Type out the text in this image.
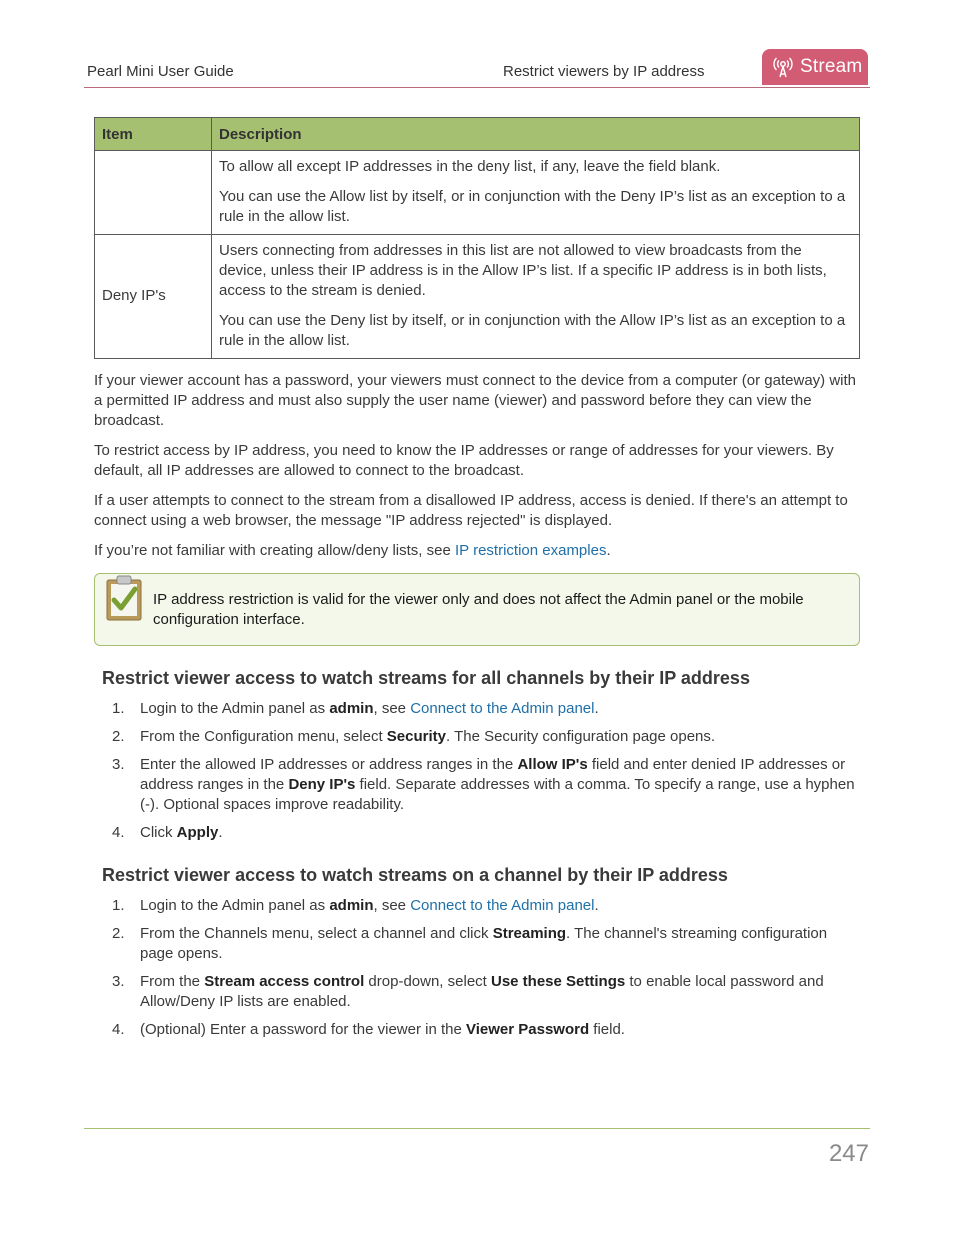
Pearl Mini User Guide	Restrict viewers by IP address	Stream
Item	Description

	To allow all except IP addresses in the deny list, if any, leave the field blank.

You can use the Allow list by itself, or in conjunction with the Deny IP’s list as an exception to a rule in the allow list.

Deny IP's	Users connecting from addresses in this list are not allowed to view broadcasts from the device, unless their IP address is in the Allow IP’s list. If a specific IP address is in both lists, access to the stream is denied.

You can use the Deny list by itself, or in conjunction with the Allow IP’s list as an exception to a rule in the allow list.

If your viewer account has a password, your viewers must connect to the device from a computer (or gateway) with a permitted IP address and must also supply the user name (viewer) and password before they can view the broadcast.

To restrict access by IP address, you need to know the IP addresses or range of addresses for your viewers. By default, all IP addresses are allowed to connect to the broadcast.

If a user attempts to connect to the stream from a disallowed IP address, access is denied. If there's an attempt to connect using a web browser, the message "IP address rejected" is displayed.

If you’re not familiar with creating allow/deny lists, see IP restriction examples.

IP address restriction is valid for the viewer only and does not affect the Admin panel or the mobile configuration interface.
Restrict viewer access to watch streams for all channels by their IP address
1.	Login to the Admin panel as admin, see Connect to the Admin panel.
2.	From the Configuration menu, select Security. The Security configuration page opens.
3.	Enter the allowed IP addresses or address ranges in the Allow IP's field and enter denied IP addresses or address ranges in the Deny IP's field. Separate addresses with a comma. To specify a range, use a hyphen (-). Optional spaces improve readability.
4.	Click Apply.
Restrict viewer access to watch streams on a channel by their IP address
1.	Login to the Admin panel as admin, see Connect to the Admin panel.
2.	From the Channels menu, select a channel and click Streaming. The channel's streaming configuration page opens.
3.	From the Stream access control drop-down, select Use these Settings to enable local password and Allow/Deny IP lists are enabled.
4.	(Optional) Enter a password for the viewer in the Viewer Password field.
247
